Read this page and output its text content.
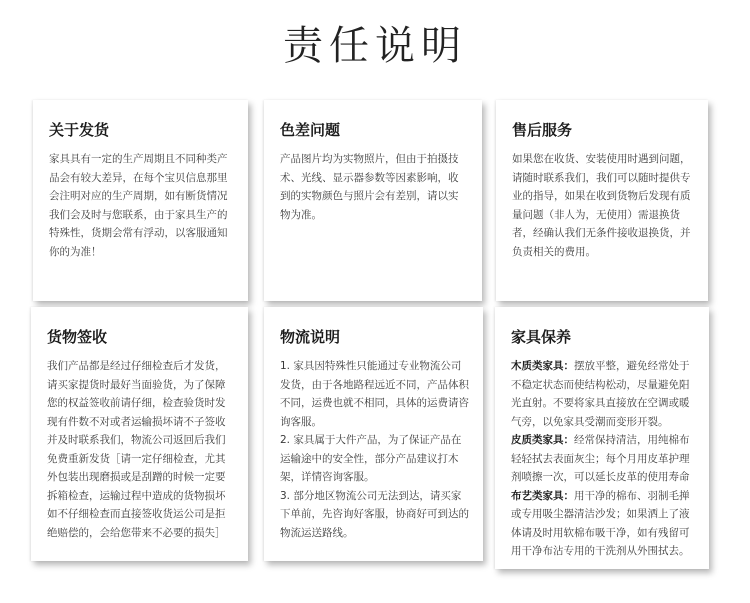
责任说明
关于发货

家具具有一定的生产周期且不同种类产品会有较大差异，在每个宝贝信息那里会注明对应的生产周期，如有断货情况我们会及时与您联系，由于家具生产的特殊性，货期会常有浮动，以客服通知你的为准！

色差问题

产品图片均为实物照片，但由于拍摄技术、光线、显示器参数等因素影响，收到的实物颜色与照片会有差别，请以实物为准。

售后服务

如果您在收货、安装使用时遇到问题，请随时联系我们，我们可以随时提供专业的指导，如果在收到货物后发现有质量问题（非人为，无使用）需退换货者，经确认我们无条件接收退换货，并负责相关的费用。

货物签收

我们产品都是经过仔细检查后才发货，请买家提货时最好当面验货，为了保障您的权益签收前请仔细，检查验货时发现有件数不对或者运输损坏请不子签收并及时联系我们，物流公司返回后我们免费重新发货［请一定仔细检查，尤其外包装出现磨损或是刮蹭的时候一定要拆箱检查，运输过程中造成的货物损坏如不仔细检查而直接签收货运公司是拒绝赔偿的，会给您带来不必要的损失］

物流说明

1. 家具因特殊性只能通过专业物流公司发货，由于各地路程远近不同，产品体积不同，运费也就不相同，具体的运费请咨询客服。
2. 家具属于大件产品，为了保证产品在运输途中的安全性，部分产品建议打木架，详情咨询客服。
3. 部分地区物流公司无法到达，请买家下单前，先咨询好客服，协商好可到达的物流运送路线。

家具保养

木质类家具：摆放平整，避免经常处于不稳定状态而使结构松动，尽量避免阳光直射。不要将家具直接放在空调或暖气旁，以免家具受潮而变形开裂。
皮质类家具：经常保持清洁，用纯棉布轻轻拭去表面灰尘；每个月用皮革护理剂喷擦一次，可以延长皮革的使用寿命
布艺类家具：用干净的棉布、羽制毛掸或专用吸尘器清洁沙发；如果洒上了液体请及时用软棉布吸干净，如有残留可用干净布沾专用的干洗剂从外围拭去。
